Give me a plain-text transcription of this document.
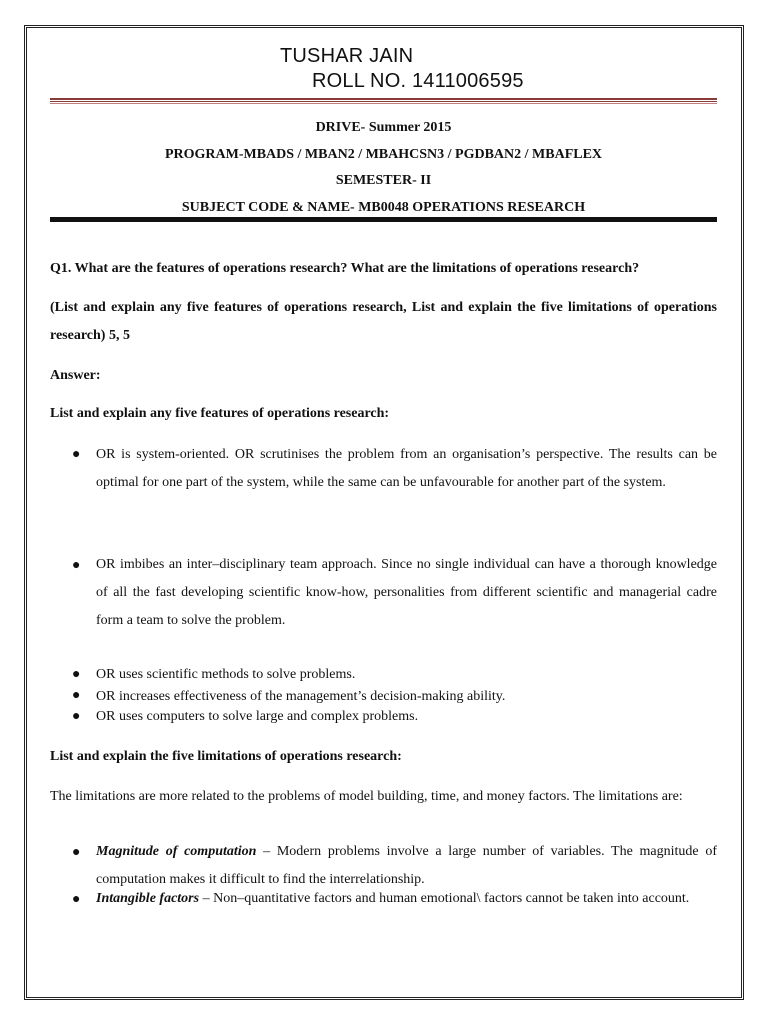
TUSHAR JAIN
ROLL NO. 1411006595
DRIVE- Summer 2015
PROGRAM-MBADS / MBAN2 / MBAHCSN3 / PGDBAN2 / MBAFLEX
SEMESTER- II
SUBJECT CODE & NAME- MB0048 OPERATIONS RESEARCH
Q1. What are the features of operations research? What are the limitations of operations research?
(List and explain any five features of operations research, List and explain the five limitations of operations research) 5, 5
Answer:
List and explain any five features of operations research:
● OR is system-oriented. OR scrutinises the problem from an organisation’s perspective. The results can be optimal for one part of the system, while the same can be unfavourable for another part of the system.
● OR imbibes an inter–disciplinary team approach. Since no single individual can have a thorough knowledge of all the fast developing scientific know-how, personalities from different scientific and managerial cadre form a team to solve the problem.
● OR uses scientific methods to solve problems.
● OR increases effectiveness of the management’s decision-making ability.
● OR uses computers to solve large and complex problems.
List and explain the five limitations of operations research:
The limitations are more related to the problems of model building, time, and money factors. The limitations are:
● Magnitude of computation – Modern problems involve a large number of variables. The magnitude of computation makes it difficult to find the interrelationship.
● Intangible factors – Non–quantitative factors and human emotional\ factors cannot be taken into account.
